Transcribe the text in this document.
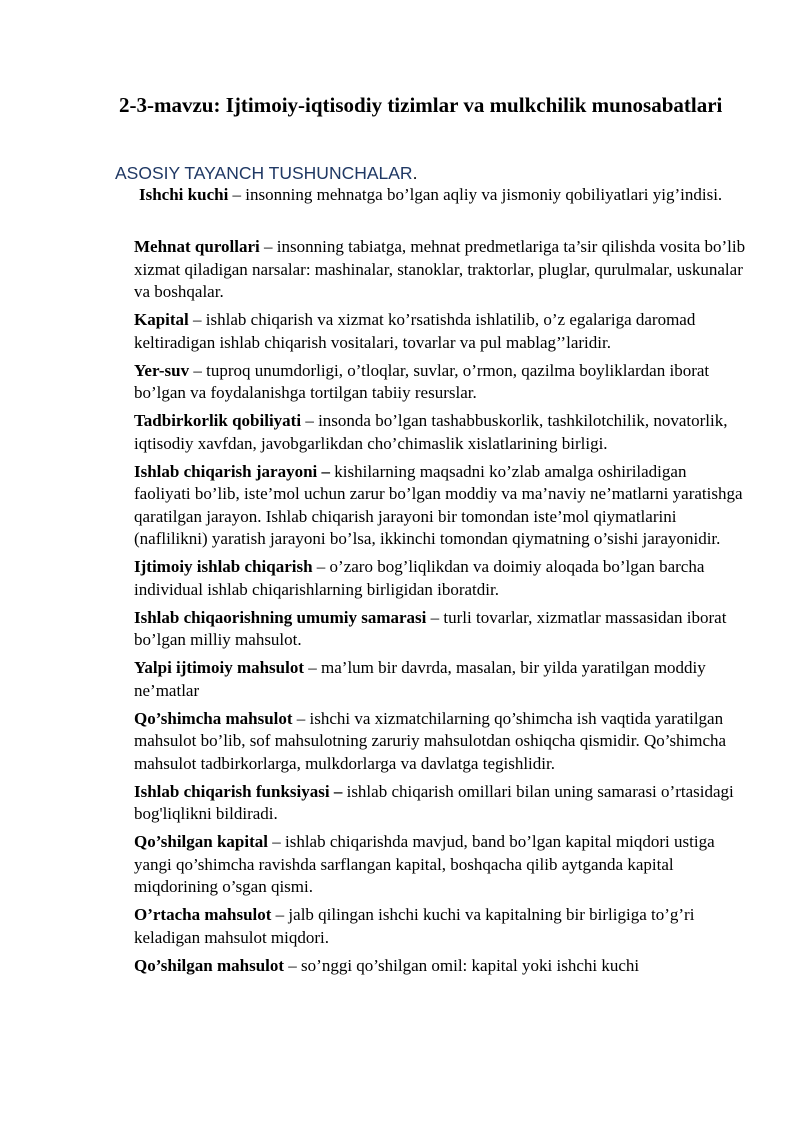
2-3-mavzu: Ijtimoiy-iqtisodiy tizimlar va mulkchilik munosabatlari
ASOSIY TAYANCH TUSHUNCHALAR.

Ishchi kuchi – insonning mehnatga bo’lgan aqliy va jismoniy qobiliyatlari yig’indisi.

Mehnat qurollari – insonning tabiatga, mehnat predmetlariga ta’sir qilishda vosita bo’lib xizmat qiladigan narsalar: mashinalar, stanoklar, traktorlar, pluglar, qurulmalar, uskunalar va boshqalar.

Kapital – ishlab chiqarish va xizmat ko’rsatishda ishlatilib, o’z egalariga daromad keltiradigan ishlab chiqarish vositalari, tovarlar va pul mablag’’laridir.

Yer-suv – tuproq unumdorligi, o’tloqlar, suvlar, o’rmon, qazilma boyliklardan iborat bo’lgan va foydalanishga tortilgan tabiiy resurslar.

Tadbirkorlik qobiliyati – insonda bo’lgan tashabbuskorlik, tashkilotchilik, novatorlik, iqtisodiy xavfdan, javobgarlikdan cho’chimaslik xislatlarining birligi.

Ishlab chiqarish jarayoni – kishilarning maqsadni ko’zlab amalga oshiriladigan faoliyati bo’lib, iste’mol uchun zarur bo’lgan moddiy va ma’naviy ne’matlarni yaratishga qaratilgan jarayon. Ishlab chiqarish jarayoni bir tomondan iste’mol qiymatlarini (naflilikni) yaratish jarayoni bo’lsa, ikkinchi tomondan qiymatning o’sishi jarayonidir.

Ijtimoiy ishlab chiqarish – o’zaro bog’liqlikdan va doimiy aloqada bo’lgan barcha individual ishlab chiqarishlarning birligidan iboratdir.

Ishlab chiqaorishning umumiy samarasi – turli tovarlar, xizmatlar massasidan iborat bo’lgan milliy mahsulot.

Yalpi ijtimoiy mahsulot – ma’lum bir davrda, masalan, bir yilda yaratilgan moddiy ne’matlar

Qo’shimcha mahsulot – ishchi va xizmatchilarning qo’shimcha ish vaqtida yaratilgan mahsulot bo’lib, sof mahsulotning zaruriy mahsulotdan oshiqcha qismidir. Qo’shimcha mahsulot tadbirkorlarga, mulkdorlarga va davlatga tegishlidir.

Ishlab chiqarish funksiyasi – ishlab chiqarish omillari bilan uning samarasi o’rtasidagi bog'liqlikni bildiradi.

Qo’shilgan kapital – ishlab chiqarishda mavjud, band bo’lgan kapital miqdori ustiga yangi qo’shimcha ravishda sarflangan kapital, boshqacha qilib aytganda kapital miqdorining o’sgan qismi.

O’rtacha mahsulot – jalb qilingan ishchi kuchi va kapitalning bir birligiga to’g’ri keladigan mahsulot miqdori.

Qo’shilgan mahsulot – so’nggi qo’shilgan omil: kapital yoki ishchi kuchi
